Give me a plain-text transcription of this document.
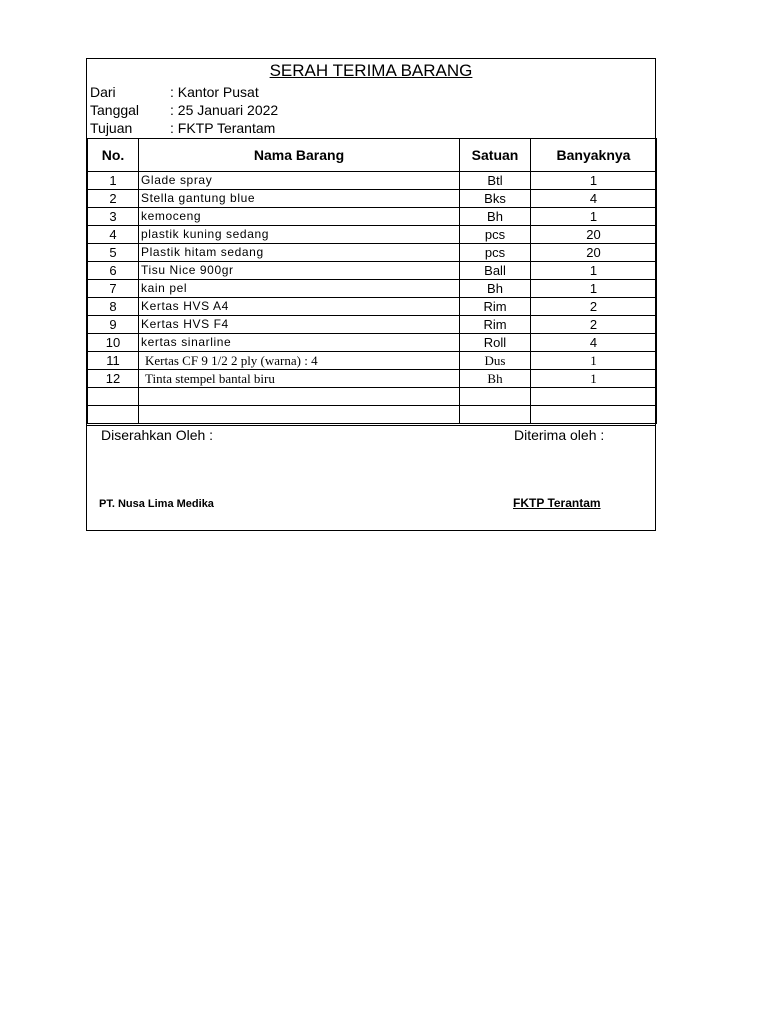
SERAH TERIMA BARANG
Dari	: Kantor Pusat
Tanggal : 25 Januari 2022
Tujuan	: FKTP Terantam
No.	Nama Barang	Satuan	Banyaknya
1	Glade spray	Btl	1
2	Stella gantung blue	Bks	4
3	kemoceng	Bh	1
4	plastik kuning sedang	pcs	20
5	Plastik hitam sedang	pcs	20
6	Tisu Nice 900gr	Ball	1
7	kain pel	Bh	1
8	Kertas HVS A4	Rim	2
9	Kertas HVS F4	Rim	2
10	kertas sinarline	Roll	4
11	Kertas CF 9 1/2 2 ply (warna) : 4	Dus	1
12	Tinta stempel bantal biru	Bh	1

Diserahkan Oleh :	Diterima oleh :
PT. Nusa Lima Medika	FKTP Terantam
